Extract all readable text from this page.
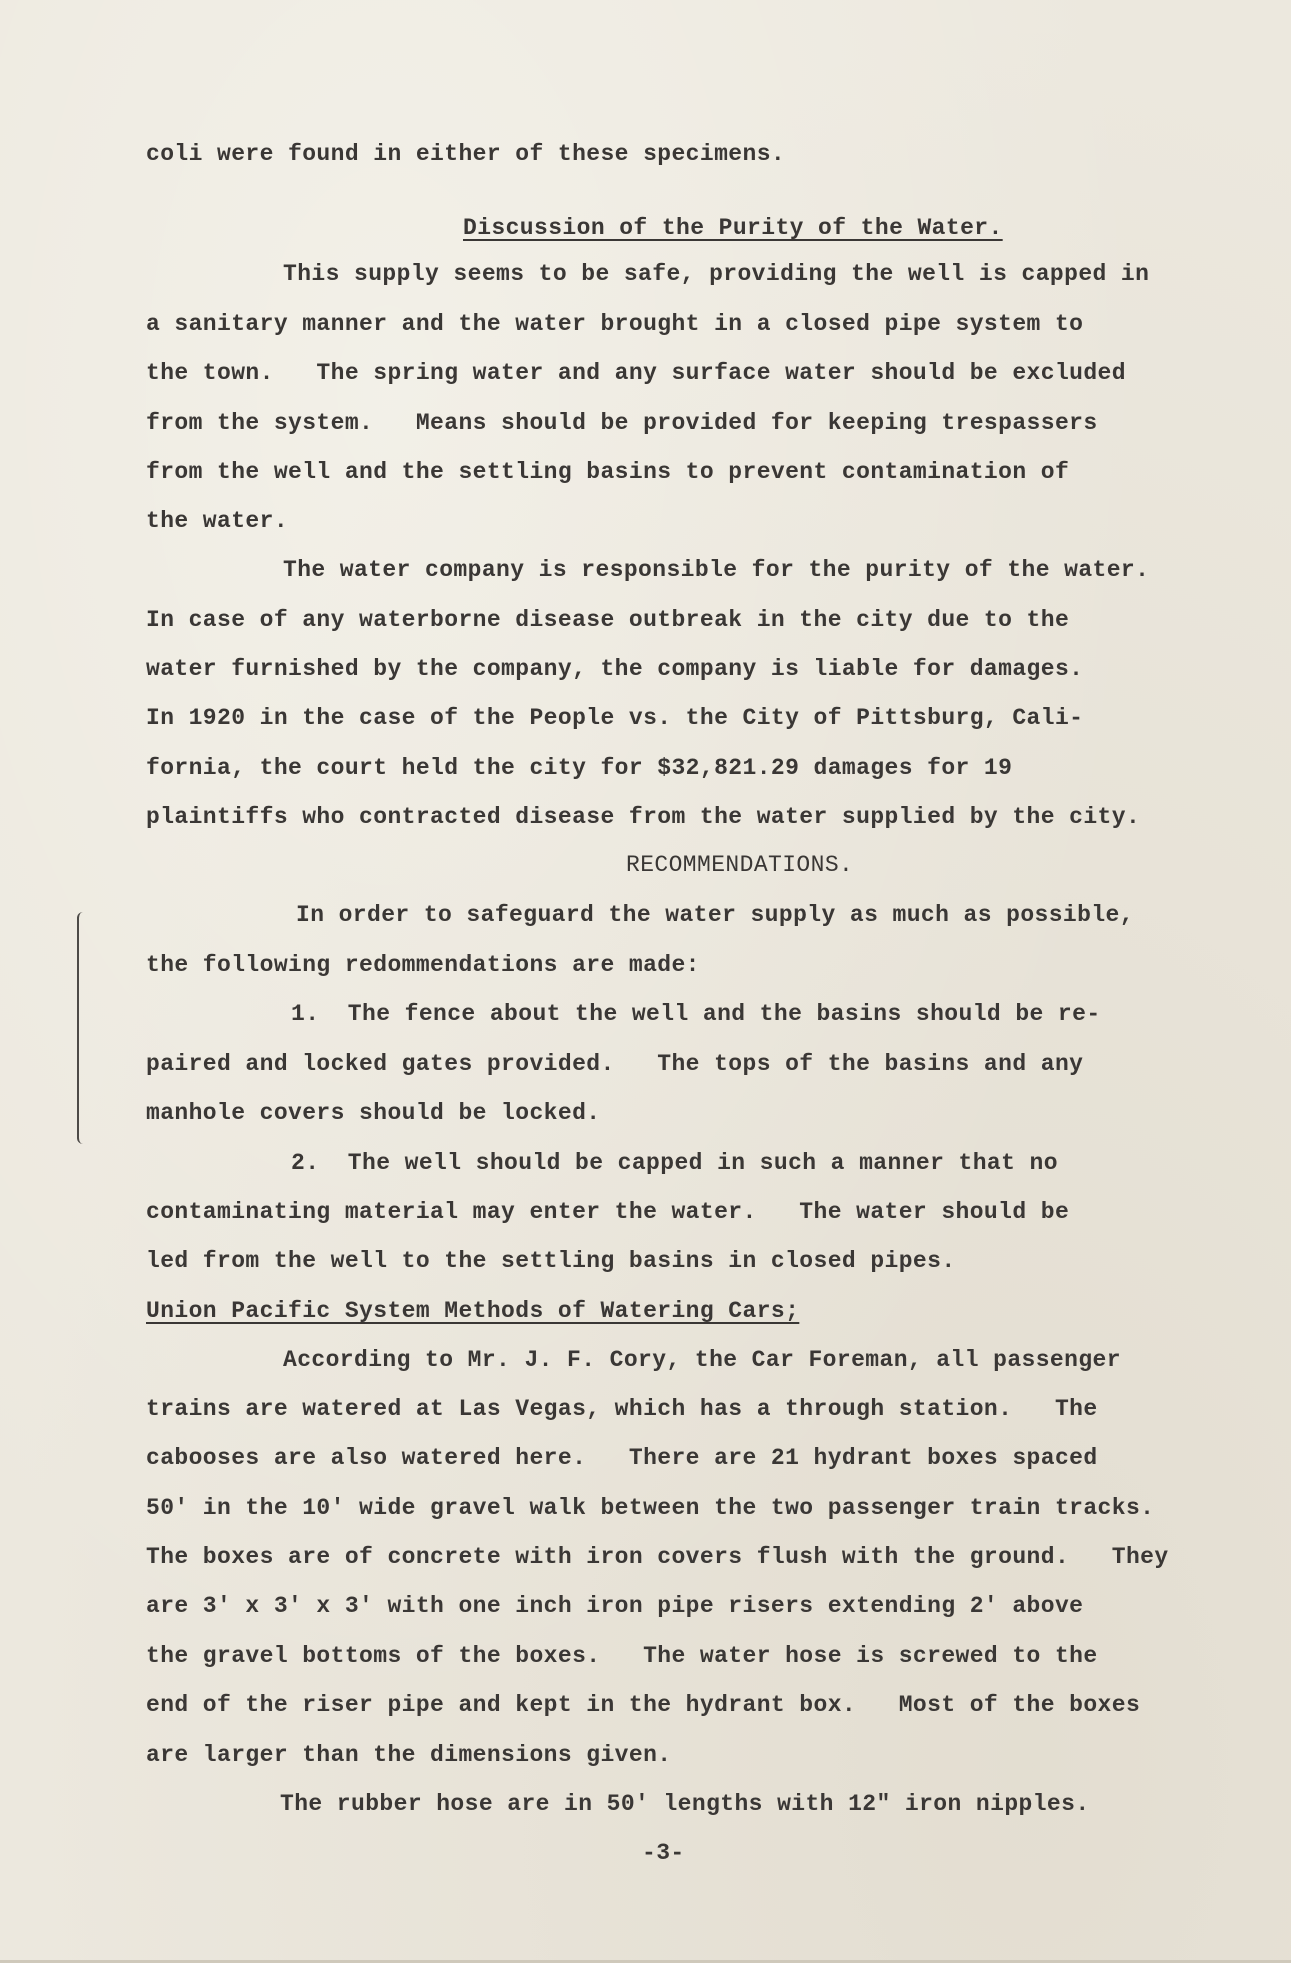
coli were found in either of these specimens.
Discussion of the Purity of the Water.
This supply seems to be safe, providing the well is capped in
a sanitary manner and the water brought in a closed pipe system to
the town.   The spring water and any surface water should be excluded
from the system.   Means should be provided for keeping trespassers
from the well and the settling basins to prevent contamination of
the water.
The water company is responsible for the purity of the water.
In case of any waterborne disease outbreak in the city due to the
water furnished by the company, the company is liable for damages.
In 1920 in the case of the People vs. the City of Pittsburg, Cali-
fornia, the court held the city for $32,821.29 damages for 19
plaintiffs who contracted disease from the water supplied by the city.
RECOMMENDATIONS.
In order to safeguard the water supply as much as possible,
the following redommendations are made:
1.  The fence about the well and the basins should be re-
paired and locked gates provided.   The tops of the basins and any
manhole covers should be locked.
2.  The well should be capped in such a manner that no
contaminating material may enter the water.   The water should be
led from the well to the settling basins in closed pipes.
Union Pacific System Methods of Watering Cars;
According to Mr. J. F. Cory, the Car Foreman, all passenger
trains are watered at Las Vegas, which has a through station.   The
cabooses are also watered here.   There are 21 hydrant boxes spaced
50' in the 10' wide gravel walk between the two passenger train tracks.
The boxes are of concrete with iron covers flush with the ground.   They
are 3' x 3' x 3' with one inch iron pipe risers extending 2' above
the gravel bottoms of the boxes.   The water hose is screwed to the
end of the riser pipe and kept in the hydrant box.   Most of the boxes
are larger than the dimensions given.
The rubber hose are in 50' lengths with 12" iron nipples.
-3-
